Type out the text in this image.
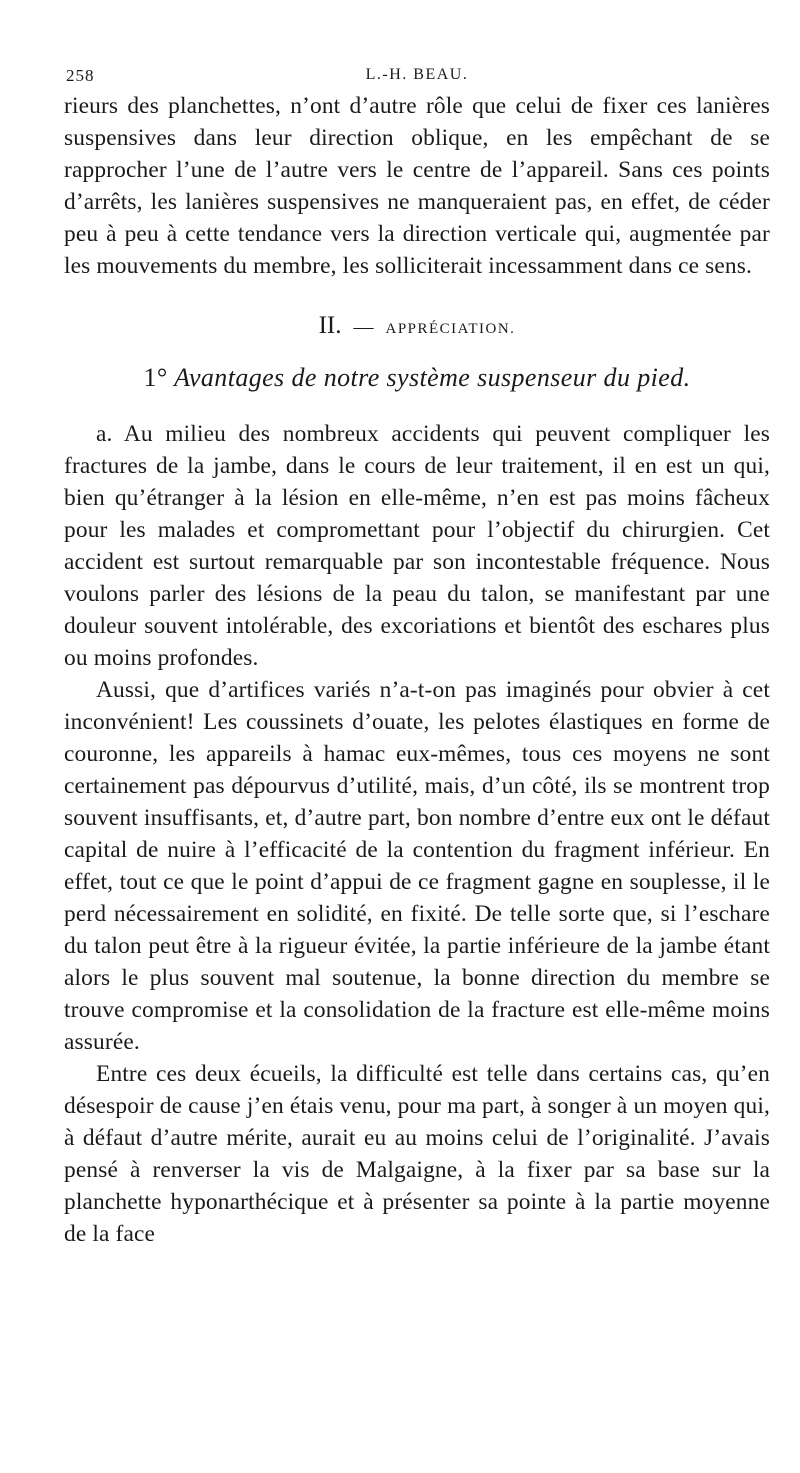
258	L.-H. BEAU.

rieurs des planchettes, n’ont d’autre rôle que celui de fixer ces lanières suspensives dans leur direction oblique, en les empêchant de se rapprocher l’une de l’autre vers le centre de l’appareil. Sans ces points d’arrêts, les lanières suspensives ne manqueraient pas, en effet, de céder peu à peu à cette tendance vers la direction verticale qui, augmentée par les mouvements du membre, les solliciterait incessamment dans ce sens.

II. — APPRÉCIATION.
1° Avantages de notre système suspenseur du pied.

a. Au milieu des nombreux accidents qui peuvent compliquer les fractures de la jambe, dans le cours de leur traitement, il en est un qui, bien qu’étranger à la lésion en elle-même, n’en est pas moins fâcheux pour les malades et compromettant pour l’objectif du chirurgien. Cet accident est surtout remarquable par son incontestable fréquence. Nous voulons parler des lésions de la peau du talon, se manifestant par une douleur souvent intolérable, des excoriations et bientôt des eschares plus ou moins profondes.

Aussi, que d’artifices variés n’a-t-on pas imaginés pour obvier à cet inconvénient! Les coussinets d’ouate, les pelotes élastiques en forme de couronne, les appareils à hamac eux-mêmes, tous ces moyens ne sont certainement pas dépourvus d’utilité, mais, d’un côté, ils se montrent trop souvent insuffisants, et, d’autre part, bon nombre d’entre eux ont le défaut capital de nuire à l’efficacité de la contention du fragment inférieur. En effet, tout ce que le point d’appui de ce fragment gagne en souplesse, il le perd nécessairement en solidité, en fixité. De telle sorte que, si l’eschare du talon peut être à la rigueur évitée, la partie inférieure de la jambe étant alors le plus souvent mal soutenue, la bonne direction du membre se trouve compromise et la consolidation de la fracture est elle-même moins assurée.

Entre ces deux écueils, la difficulté est telle dans certains cas, qu’en désespoir de cause j’en étais venu, pour ma part, à songer à un moyen qui, à défaut d’autre mérite, aurait eu au moins celui de l’originalité. J’avais pensé à renverser la vis de Malgaigne, à la fixer par sa base sur la planchette hyponarthécique et à présenter sa pointe à la partie moyenne de la face
